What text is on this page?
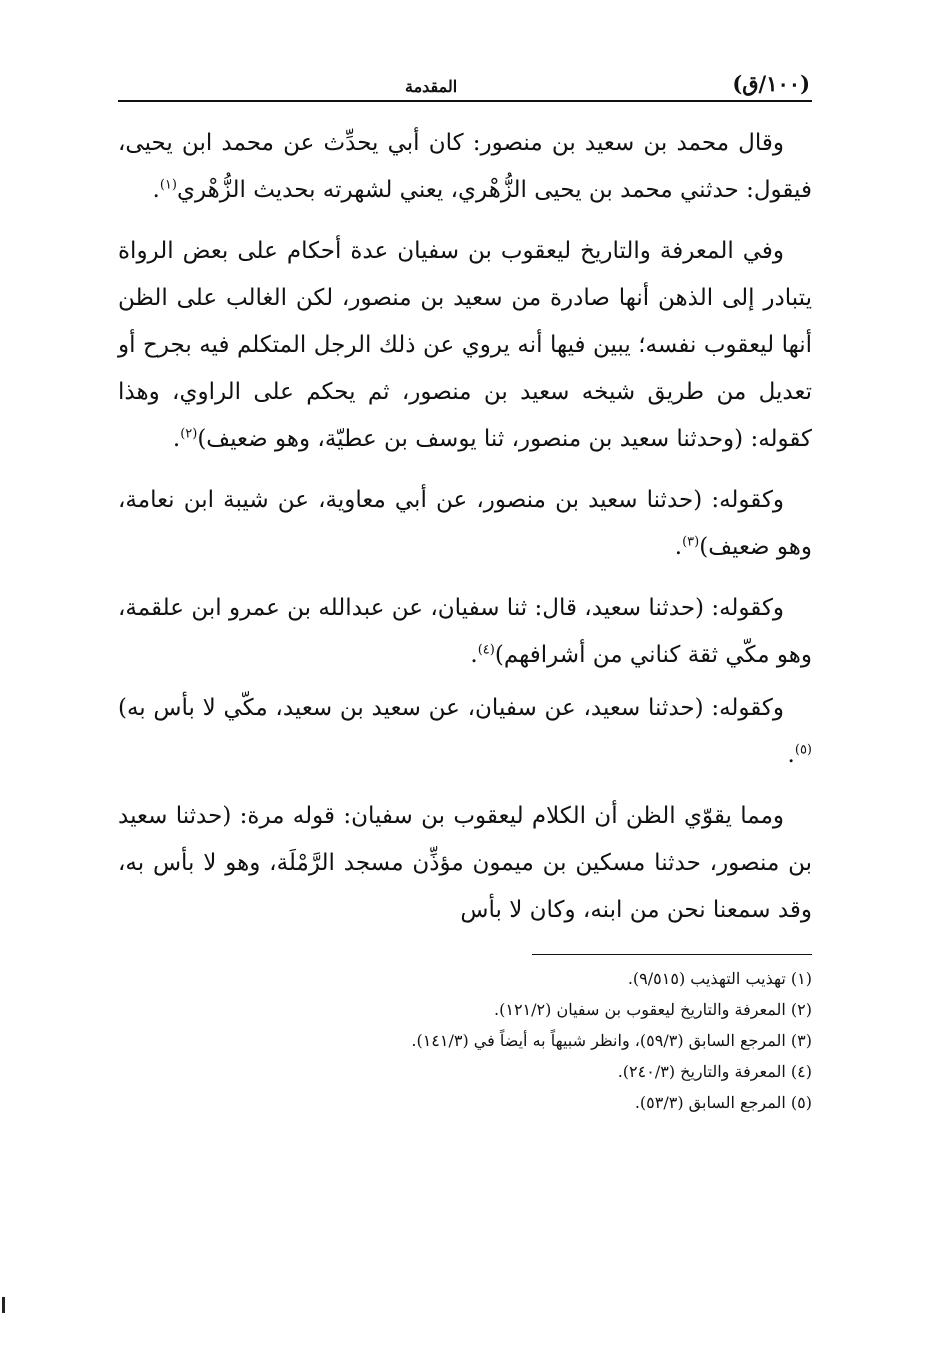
(١٠٠/ق)
المقدمة

وقال محمد بن سعيد بن منصور: كان أبي يحدِّث عن محمد ابن يحيى، فيقول: حدثني محمد بن يحيى الزُّهْري، يعني لشهرته بحديث الزُّهْري$^{(١)}$.

وفي المعرفة والتاريخ ليعقوب بن سفيان عدة أحكام على بعض الرواة يتبادر إلى الذهن أنها صادرة من سعيد بن منصور، لكن الغالب على الظن أنها ليعقوب نفسه؛ يبين فيها أنه يروي عن ذلك الرجل المتكلم فيه بجرح أو تعديل من طريق شيخه سعيد بن منصور، ثم يحكم على الراوي، وهذا كقوله: (وحدثنا سعيد بن منصور، ثنا يوسف بن عطيّة، وهو ضعيف)$^{(٢)}$.

وكقوله: (حدثنا سعيد بن منصور، عن أبي معاوية، عن شيبة ابن نعامة، وهو ضعيف)$^{(٣)}$.

وكقوله: (حدثنا سعيد، قال: ثنا سفيان، عن عبدالله بن عمرو ابن علقمة، وهو مكّي ثقة كناني من أشرافهم)$^{(٤)}$.

وكقوله: (حدثنا سعيد، عن سفيان، عن سعيد بن سعيد، مكّي لا بأس به)$^{(٥)}$.

ومما يقوّي الظن أن الكلام ليعقوب بن سفيان: قوله مرة: (حدثنا سعيد بن منصور، حدثنا مسكين بن ميمون مؤذِّن مسجد الرَّمْلَة، وهو لا بأس به، وقد سمعنا نحن من ابنه، وكان لا بأس

(١) تهذيب التهذيب (٩/٥١٥).

(٢) المعرفة والتاريخ ليعقوب بن سفيان (١٢١/٢).

(٣) المرجع السابق (٥٩/٣)، وانظر شبيهاً به أيضاً في (١٤١/٣).

(٤) المعرفة والتاريخ (٢٤٠/٣).

(٥) المرجع السابق (٥٣/٣).
